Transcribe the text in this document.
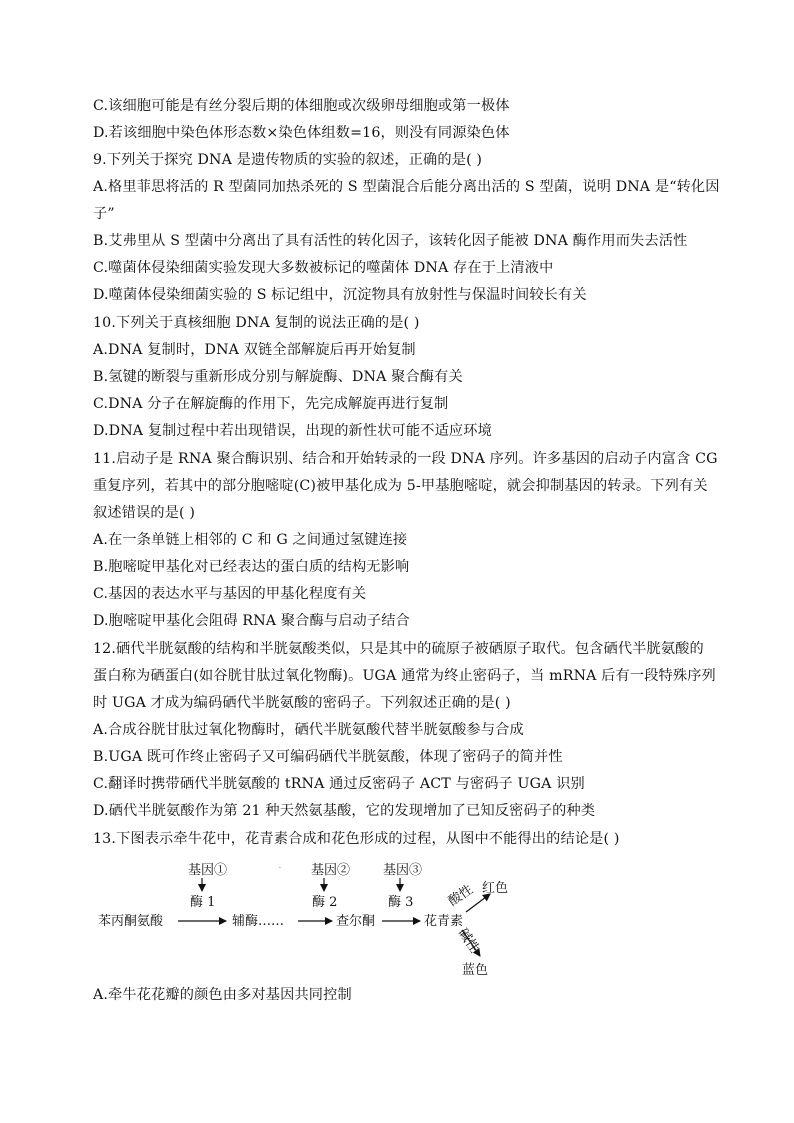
C.该细胞可能是有丝分裂后期的体细胞或次级卵母细胞或第一极体
D.若该细胞中染色体形态数×染色体组数=16，则没有同源染色体
9.下列关于探究 DNA 是遗传物质的实验的叙述，正确的是( )
A.格里菲思将活的 R 型菌同加热杀死的 S 型菌混合后能分离出活的 S 型菌，说明 DNA 是“转化因
子”
B.艾弗里从 S 型菌中分离出了具有活性的转化因子，该转化因子能被 DNA 酶作用而失去活性
C.噬菌体侵染细菌实验发现大多数被标记的噬菌体 DNA 存在于上清液中
D.噬菌体侵染细菌实验的 S 标记组中，沉淀物具有放射性与保温时间较长有关
10.下列关于真核细胞 DNA 复制的说法正确的是( )
A.DNA 复制时，DNA 双链全部解旋后再开始复制
B.氢键的断裂与重新形成分别与解旋酶、DNA 聚合酶有关
C.DNA 分子在解旋酶的作用下，先完成解旋再进行复制
D.DNA 复制过程中若出现错误，出现的新性状可能不适应环境
11.启动子是 RNA 聚合酶识别、结合和开始转录的一段 DNA 序列。许多基因的启动子内富含 CG
重复序列，若其中的部分胞嘧啶(C)被甲基化成为 5-甲基胞嘧啶，就会抑制基因的转录。下列有关
叙述错误的是( )
A.在一条单链上相邻的 C 和 G 之间通过氢键连接
B.胞嘧啶甲基化对已经表达的蛋白质的结构无影响
C.基因的表达水平与基因的甲基化程度有关
D.胞嘧啶甲基化会阻碍 RNA 聚合酶与启动子结合
12.硒代半胱氨酸的结构和半胱氨酸类似，只是其中的硫原子被硒原子取代。包含硒代半胱氨酸的
蛋白称为硒蛋白(如谷胱甘肽过氧化物酶)。UGA 通常为终止密码子，当 mRNA 后有一段特殊序列
时 UGA 才成为编码硒代半胱氨酸的密码子。下列叙述正确的是( )
A.合成谷胱甘肽过氧化物酶时，硒代半胱氨酸代替半胱氨酸参与合成
B.UGA 既可作终止密码子又可编码硒代半胱氨酸，体现了密码子的简并性
C.翻译时携带硒代半胱氨酸的 tRNA 通过反密码子 ACT 与密码子 UGA 识别
D.硒代半胱氨酸作为第 21 种天然氨基酸，它的发现增加了已知反密码子的种类
13.下图表示牵牛花中，花青素合成和花色形成的过程，从图中不能得出的结论是( )
基因①	基因②	基因③
·
酶 1	酶 2	酶 3
苯丙酮氨酸	辅酶……	查尔酮	花青素
酸性 红色
碱性
蓝色
A.牵牛花花瓣的颜色由多对基因共同控制
